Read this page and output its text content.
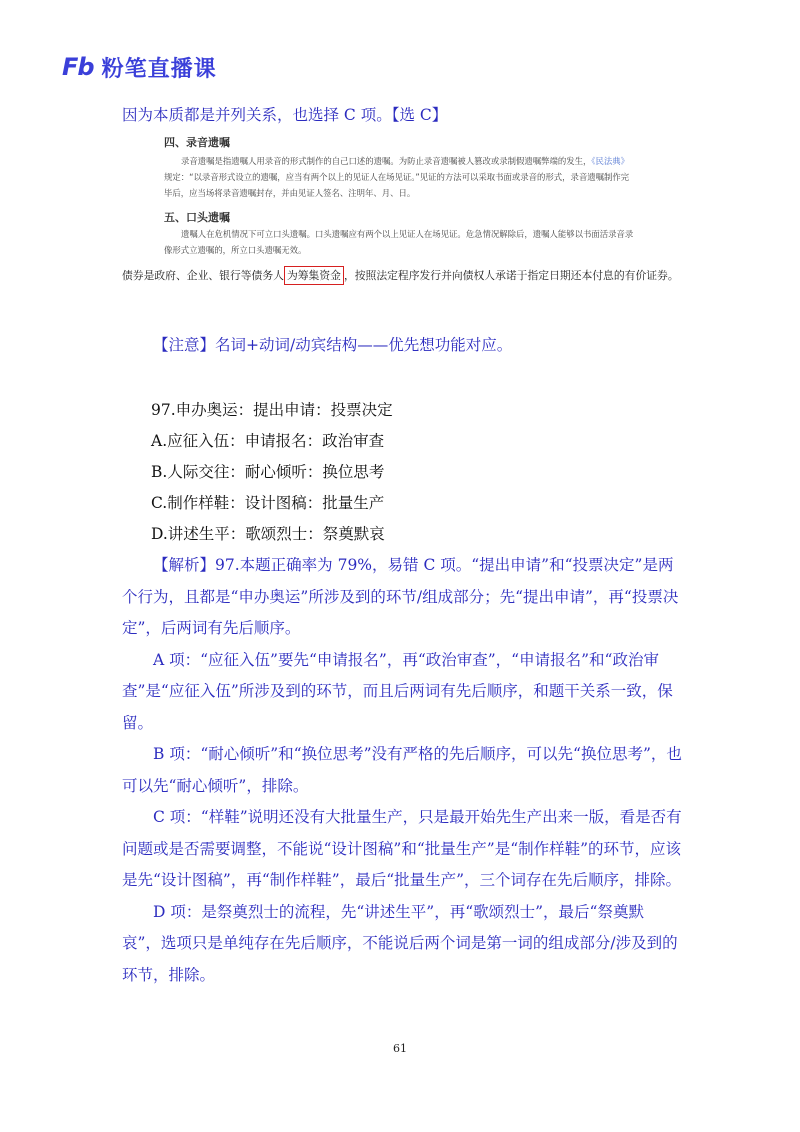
Fb 粉笔直播课
因为本质都是并列关系，也选择 C 项。【选 C】
四、录音遗嘱
录音遗嘱是指遗嘱人用录音的形式制作的自己口述的遗嘱。为防止录音遗嘱被人篡改或录制假遗嘱弊端的发生，《民法典》规定：“以录音形式设立的遗嘱，应当有两个以上的见证人在场见证。”见证的方法可以采取书面或录音的形式，录音遗嘱制作完毕后，应当场将录音遗嘱封存，并由见证人签名、注明年、月、日。
五、口头遗嘱
遗嘱人在危机情况下可立口头遗嘱。口头遗嘱应有两个以上见证人在场见证。危急情况解除后，遗嘱人能够以书面活录音录像形式立遗嘱的，所立口头遗嘱无效。
债券是政府、企业、银行等债务人 为筹集资金 ，按照法定程序发行并向债权人承诺于指定日期还本付息的有价证券。
【注意】名词+动词/动宾结构——优先想功能对应。
97.申办奥运：提出申请：投票决定
A.应征入伍：申请报名：政治审查
B.人际交往：耐心倾听：换位思考
C.制作样鞋：设计图稿：批量生产
D.讲述生平：歌颂烈士：祭奠默哀

【解析】97.本题正确率为 79%，易错 C 项。“提出申请”和“投票决定”是两个行为，且都是“申办奥运”所涉及到的环节/组成部分；先“提出申请”，再“投票决定”，后两词有先后顺序。

A 项：“应征入伍”要先“申请报名”，再“政治审查”，“申请报名”和“政治审查”是“应征入伍”所涉及到的环节，而且后两词有先后顺序，和题干关系一致，保留。

B 项：“耐心倾听”和“换位思考”没有严格的先后顺序，可以先“换位思考”，也可以先“耐心倾听”，排除。

C 项：“样鞋”说明还没有大批量生产，只是最开始先生产出来一版，看是否有问题或是否需要调整，不能说“设计图稿”和“批量生产”是“制作样鞋”的环节，应该是先“设计图稿”，再“制作样鞋”，最后“批量生产”，三个词存在先后顺序，排除。

D 项：是祭奠烈士的流程，先“讲述生平”，再“歌颂烈士”，最后“祭奠默哀”，选项只是单纯存在先后顺序，不能说后两个词是第一词的组成部分/涉及到的环节，排除。

61
